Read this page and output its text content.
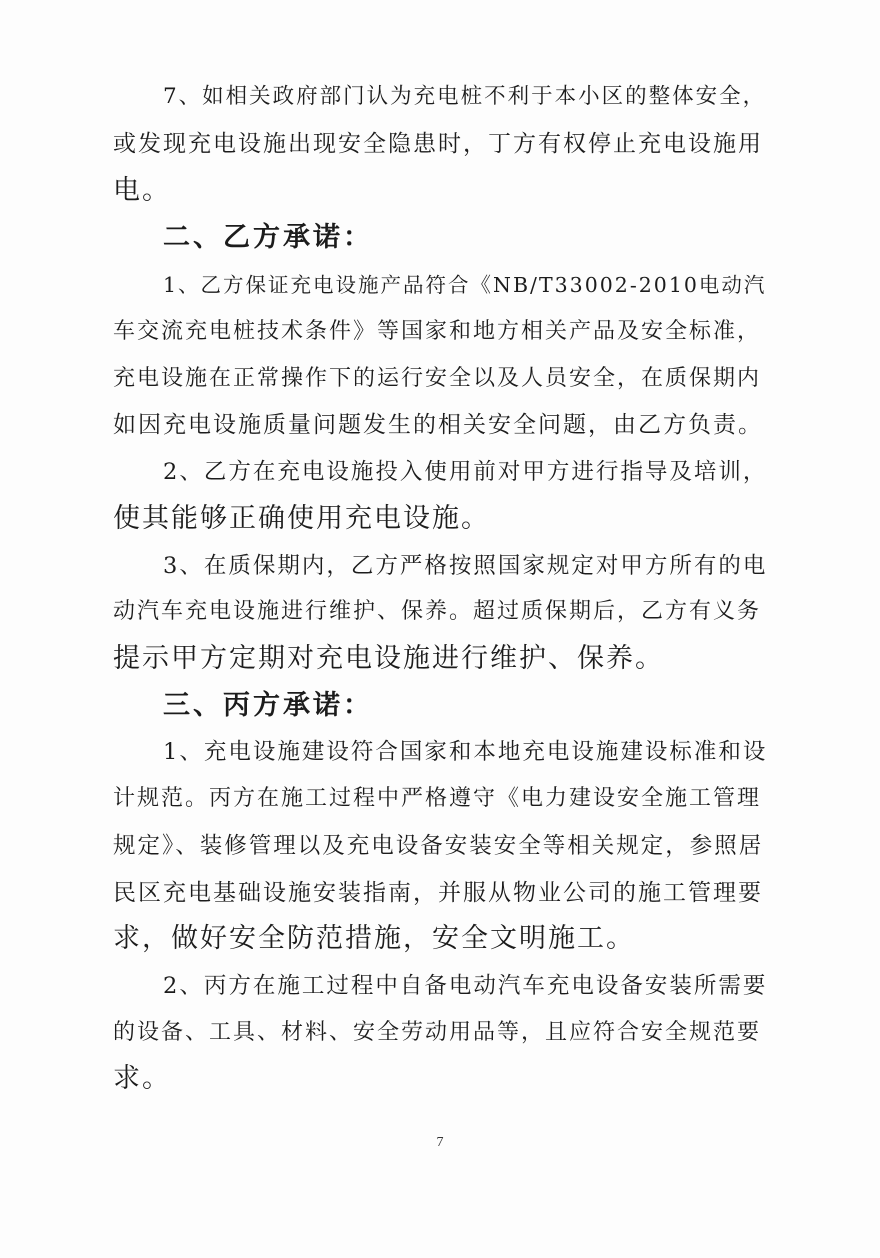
7、如相关政府部门认为充电桩不利于本小区的整体安全，
或发现充电设施出现安全隐患时，丁方有权停止充电设施用
电。
二、乙方承诺：
1、乙方保证充电设施产品符合《NB/T33002-2010电动汽
车交流充电桩技术条件》等国家和地方相关产品及安全标准，
充电设施在正常操作下的运行安全以及人员安全，在质保期内
如因充电设施质量问题发生的相关安全问题，由乙方负责。
2、乙方在充电设施投入使用前对甲方进行指导及培训，
使其能够正确使用充电设施。
3、在质保期内，乙方严格按照国家规定对甲方所有的电
动汽车充电设施进行维护、保养。超过质保期后，乙方有义务
提示甲方定期对充电设施进行维护、保养。
三、丙方承诺：
1、充电设施建设符合国家和本地充电设施建设标准和设
计规范。丙方在施工过程中严格遵守《电力建设安全施工管理
规定》、装修管理以及充电设备安装安全等相关规定，参照居
民区充电基础设施安装指南，并服从物业公司的施工管理要
求，做好安全防范措施，安全文明施工。
2、丙方在施工过程中自备电动汽车充电设备安装所需要
的设备、工具、材料、安全劳动用品等，且应符合安全规范要
求。
7
